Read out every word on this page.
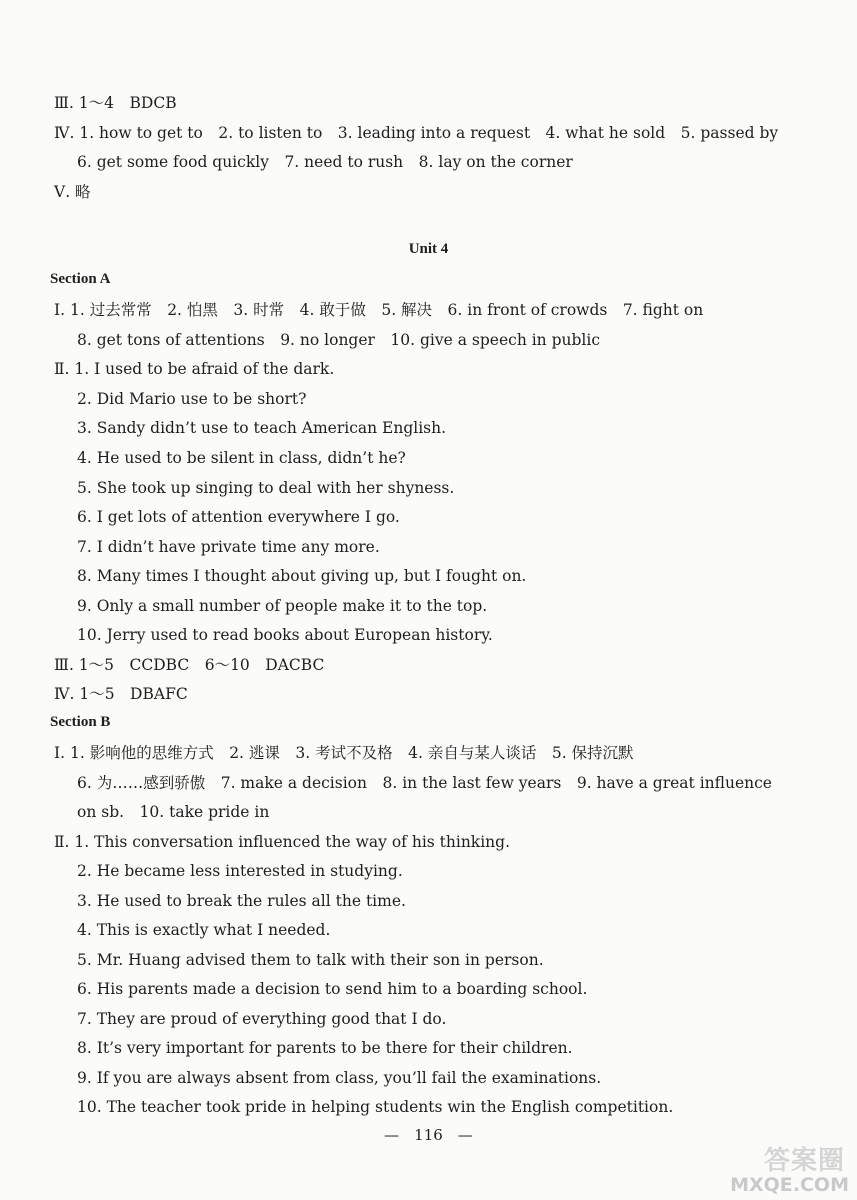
Ⅲ. 1～4　BDCB
Ⅳ. 1. how to get to　2. to listen to　3. leading into a request　4. what he sold　5. passed by
6. get some food quickly　7. need to rush　8. lay on the corner
Ⅴ. 略
Unit 4
Section A
Ⅰ. 1. 过去常常　2. 怕黑　3. 时常　4. 敢于做　5. 解决　6. in front of crowds　7. fight on
8. get tons of attentions　9. no longer　10. give a speech in public
Ⅱ. 1. I used to be afraid of the dark.
2. Did Mario use to be short?
3. Sandy didn’t use to teach American English.
4. He used to be silent in class, didn’t he?
5. She took up singing to deal with her shyness.
6. I get lots of attention everywhere I go.
7. I didn’t have private time any more.
8. Many times I thought about giving up, but I fought on.
9. Only a small number of people make it to the top.
10. Jerry used to read books about European history.
Ⅲ. 1～5　CCDBC　6～10　DACBC
Ⅳ. 1～5　DBAFC
Section B
Ⅰ. 1. 影响他的思维方式　2. 逃课　3. 考试不及格　4. 亲自与某人谈话　5. 保持沉默
6. 为……感到骄傲　7. make a decision　8. in the last few years　9. have a great influence
on sb.　10. take pride in
Ⅱ. 1. This conversation influenced the way of his thinking.
2. He became less interested in studying.
3. He used to break the rules all the time.
4. This is exactly what I needed.
5. Mr. Huang advised them to talk with their son in person.
6. His parents made a decision to send him to a boarding school.
7. They are proud of everything good that I do.
8. It’s very important for parents to be there for their children.
9. If you are always absent from class, you’ll fail the examinations.
10. The teacher took pride in helping students win the English competition.
—　116　—
答案圈
MXQE.COM
